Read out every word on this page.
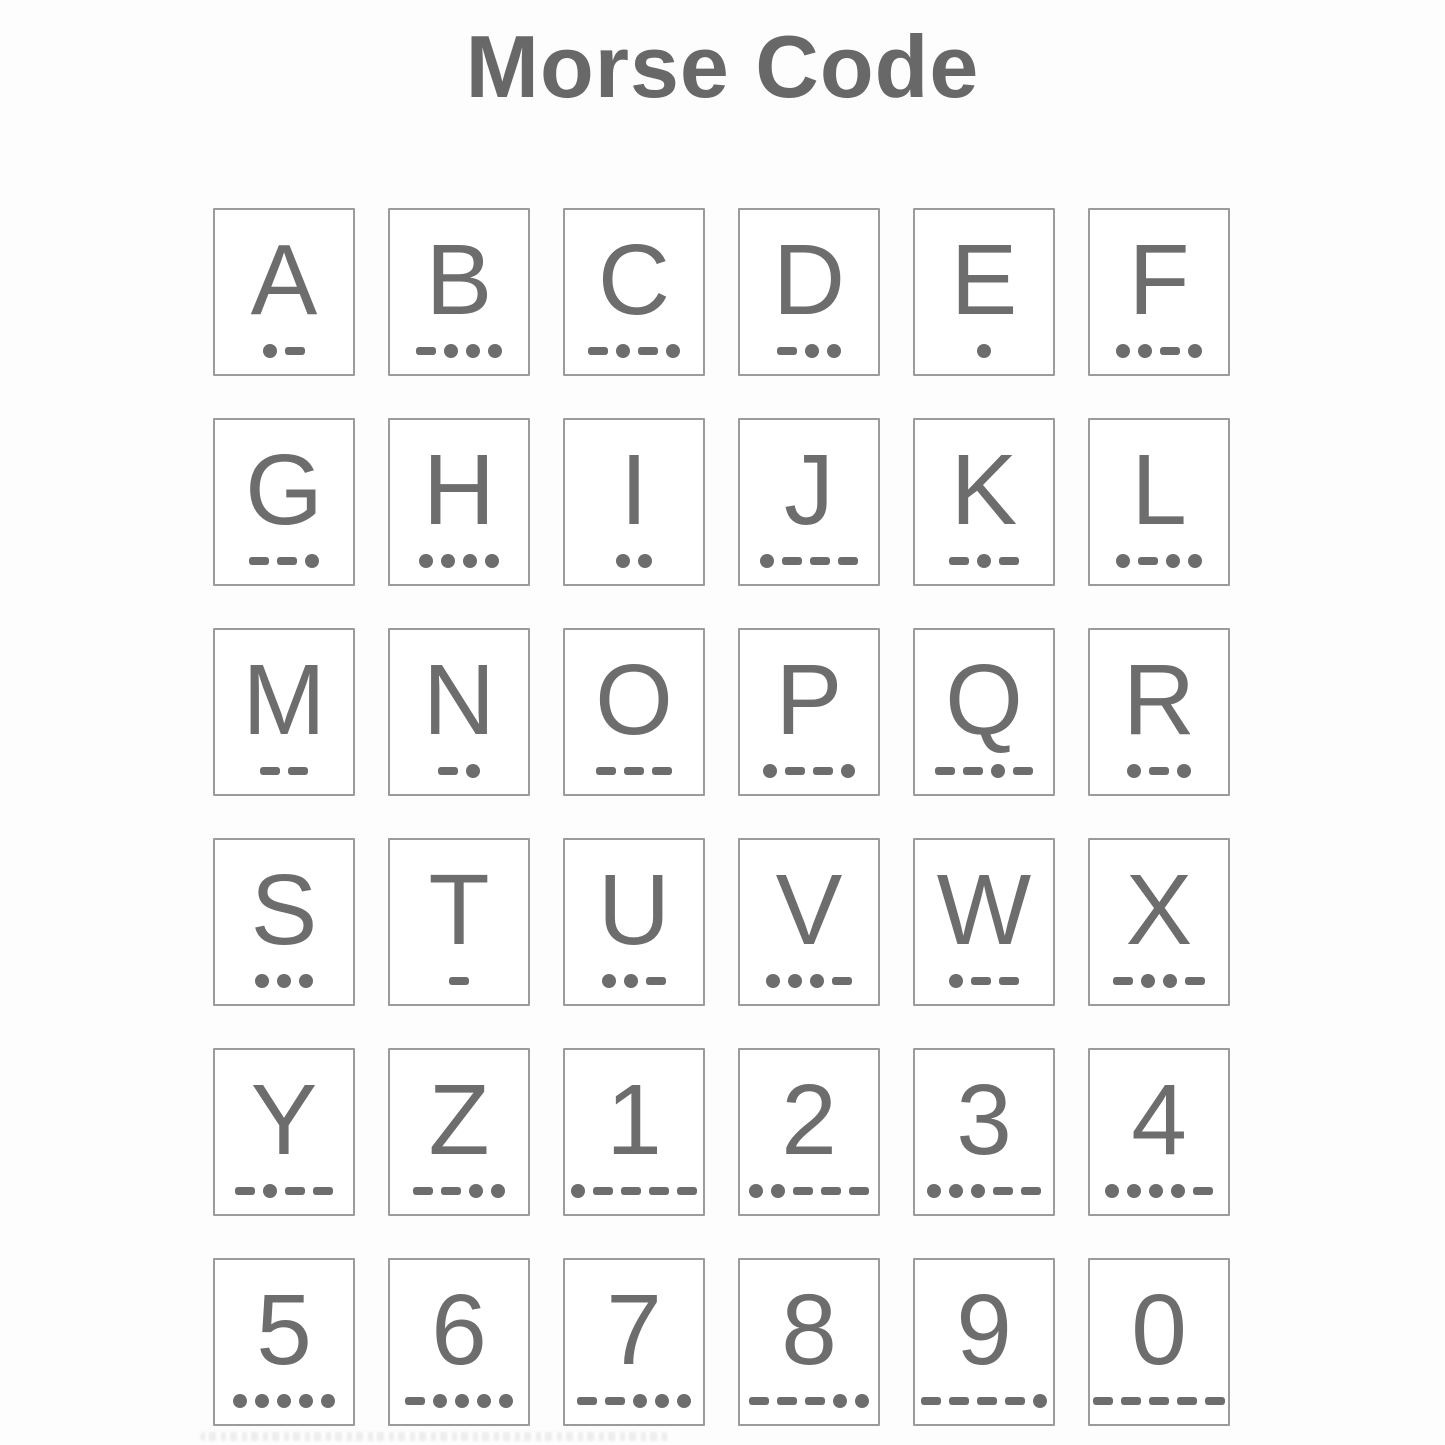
Morse Code
A B C D E F
G H I J K L
M N O P Q R
S T U V W X
Y Z 1 2 3 4
5 6 7 8 9 0
